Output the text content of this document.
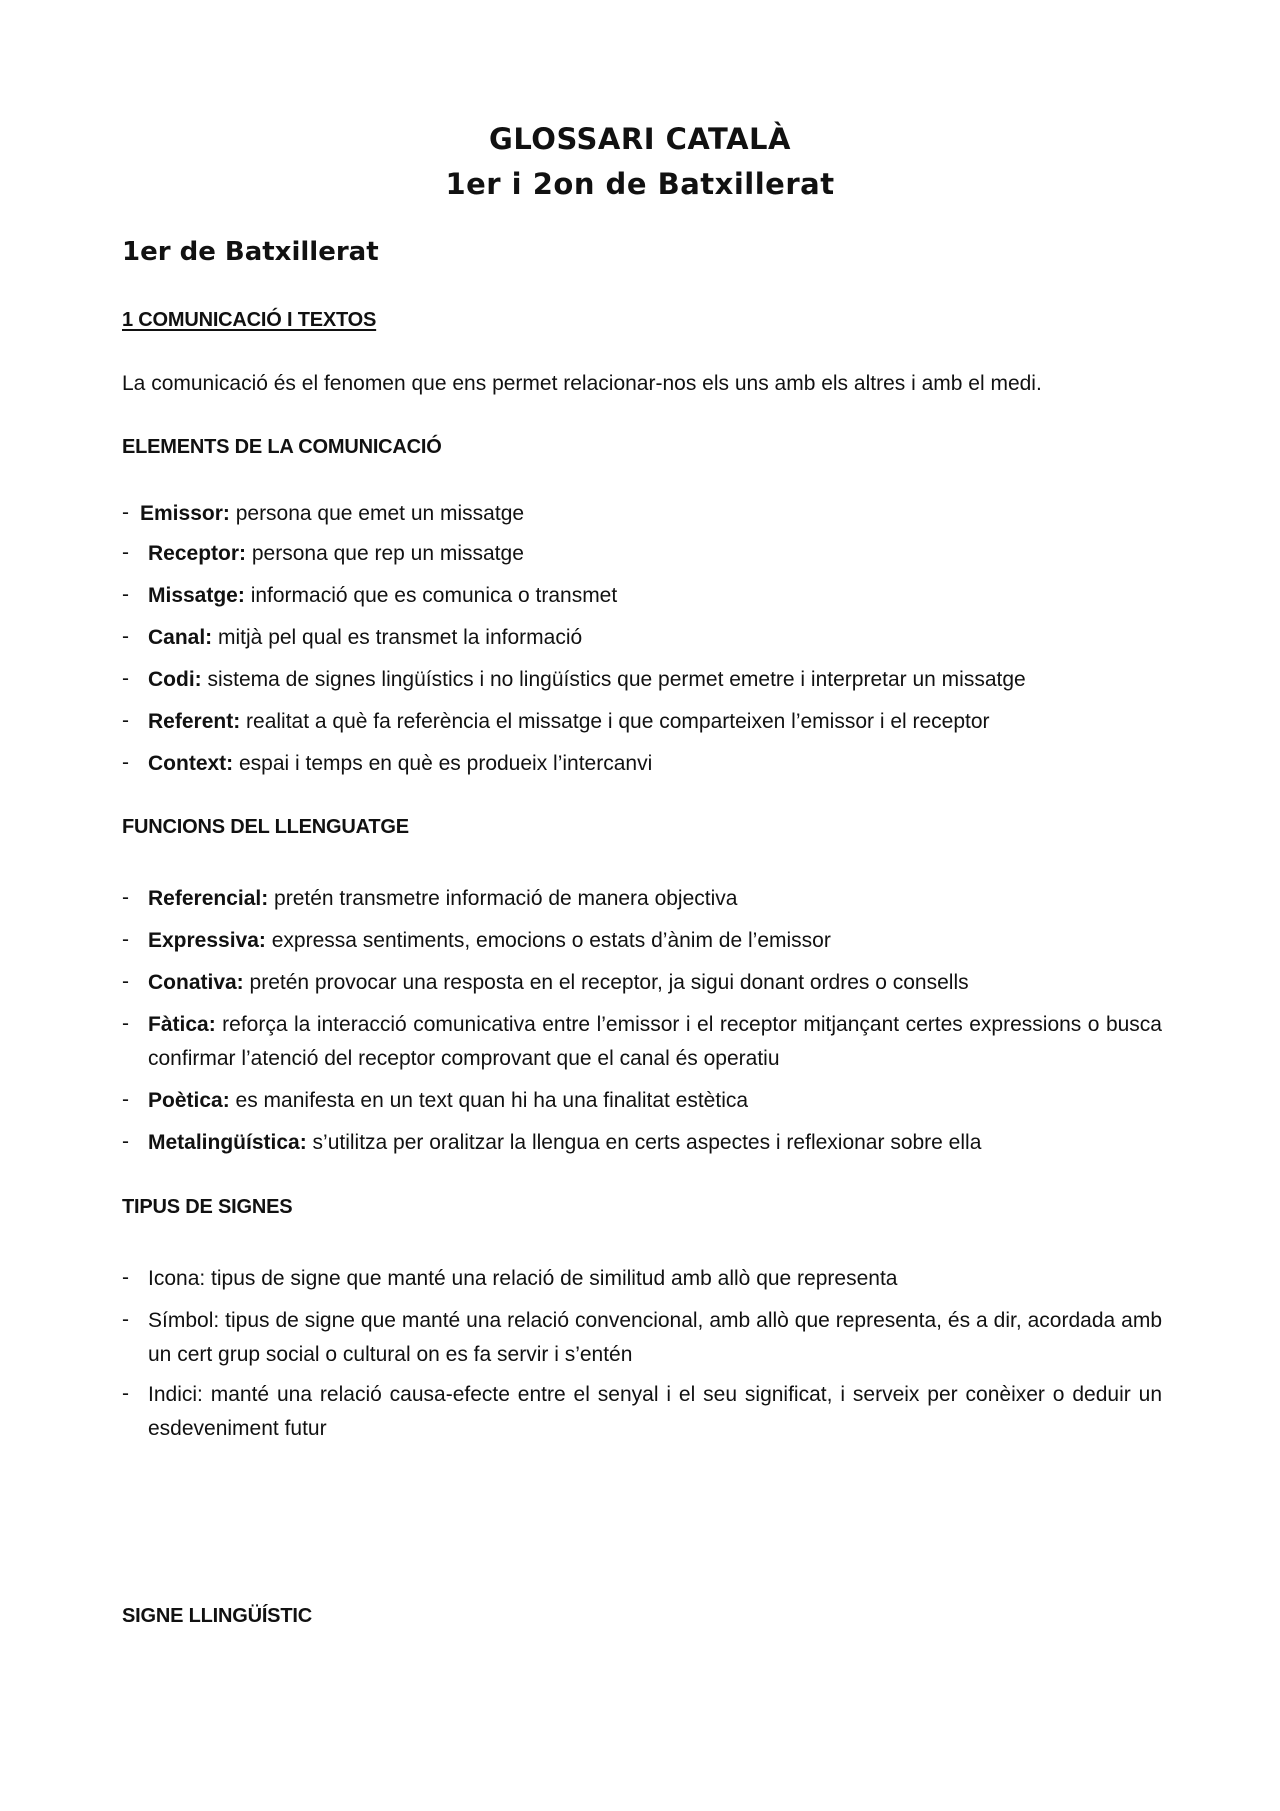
GLOSSARI CATALÀ
1er i 2on de Batxillerat
1er de Batxillerat
1 COMUNICACIÓ I TEXTOS
La comunicació és el fenomen que ens permet relacionar-nos els uns amb els altres i amb el medi.
ELEMENTS DE LA COMUNICACIÓ
- Emissor: persona que emet un missatge
- Receptor: persona que rep un missatge
- Missatge: informació que es comunica o transmet
- Canal: mitjà pel qual es transmet la informació
- Codi: sistema de signes lingüístics i no lingüístics que permet emetre i interpretar un missatge
- Referent: realitat a què fa referència el missatge i que comparteixen l’emissor i el receptor
- Context: espai i temps en què es produeix l’intercanvi
FUNCIONS DEL LLENGUATGE
- Referencial: pretén transmetre informació de manera objectiva
- Expressiva: expressa sentiments, emocions o estats d’ànim de l’emissor
- Conativa: pretén provocar una resposta en el receptor, ja sigui donant ordres o consells
- Fàtica: reforça la interacció comunicativa entre l’emissor i el receptor mitjançant certes expressions o busca confirmar l’atenció del receptor comprovant que el canal és operatiu
- Poètica: es manifesta en un text quan hi ha una finalitat estètica
- Metalingüística: s’utilitza per oralitzar la llengua en certs aspectes i reflexionar sobre ella
TIPUS DE SIGNES
- Icona: tipus de signe que manté una relació de similitud amb allò que representa
- Símbol: tipus de signe que manté una relació convencional, amb allò que representa, és a dir, acordada amb un cert grup social o cultural on es fa servir i s’entén
- Indici: manté una relació causa-efecte entre el senyal i el seu significat, i serveix per conèixer o deduir un esdeveniment futur
SIGNE LLINGÜÍSTIC
